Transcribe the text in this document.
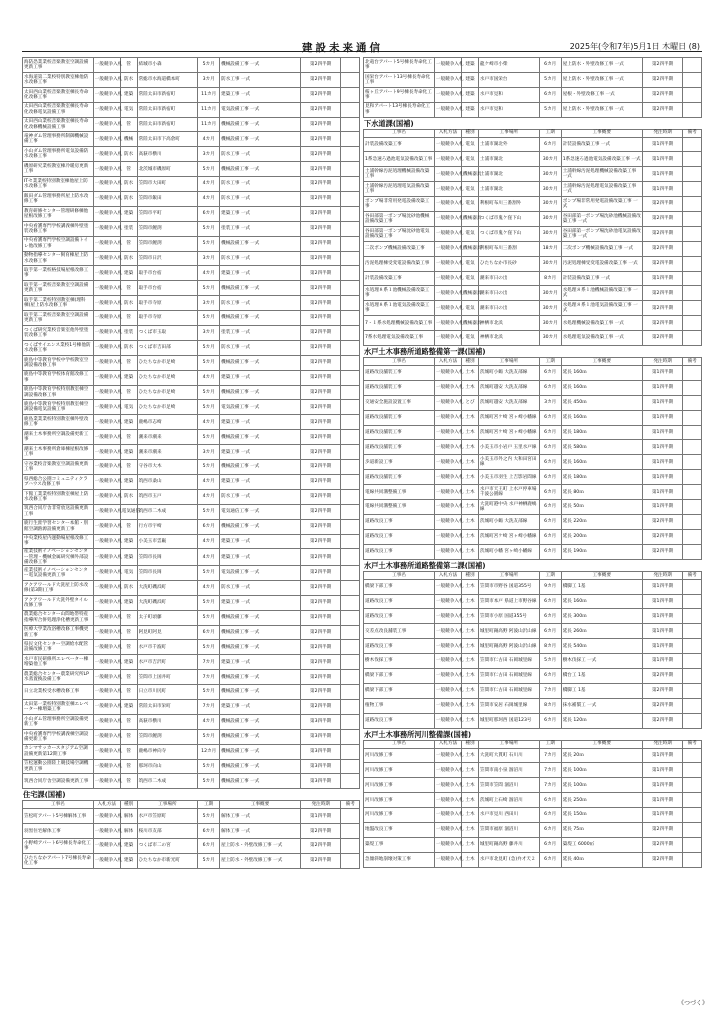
建設未来通信	2025年(令和7年)5月1日 木曜日 (8)
海防恐業業校音楽教室空調設備更新工事	一般競争入札	管	結城市小森	5カ月	機械設備工事 一式	第2四半期	
水海道第二業校特別教室棟他防水改修工事	一般競争入札	防水	常総市水海道橋本町	3カ月	防水工事 一式	第2四半期	
太田西山業校音楽教室棟長寿命化改修工事	一般競争入札	建築	常陸太田市新宿町	11カ月	建築工事 一式	第2四半期	
太田西山業校音楽教室棟長寿命化改修電気設備工事	一般競争入札	電気	常陸太田市新宿町	11カ月	電気設備工事 一式	第2四半期	
太田西山業校音楽教室棟長寿命化改修機械設備工事	一般競争入札	管	常陸太田市新宿町	11カ月	機械設備工事 一式	第2四半期	
竜神ダム管理事務所制御機械設備工事	一般競争入札	機械	常陸太田市下高倉町	4カ月	機械設備工事 一式	第2四半期	
小山ダム管理事務所電気設備防水改修工事	一般競争入札	防水	高萩市横川	3カ月	防水工事 一式	第2四半期	
磯原研究業校教室棟冷暖房更新工事	一般競争入札	管	北茨城市磯原町	5カ月	機械設備工事 一式	第2四半期	
ITセ業業校特別教室棟他屋上防水改修工事	一般競争入札	防水	笠間市大田町	4カ月	防水工事 一式	第2四半期	
飯田ダム管理事務所屋上防水改修工事	一般競争入札	防水	笠間市飯田	4カ月	防水工事 一式	第2四半期	
教育研修センター管理研修棟他屋根改修工事	一般競争入札	建築	笠間市平町	6カ月	建築工事 一式	第2四半期	
中央看護専門学校講義棟外壁塗装改修工事	一般競争入札	塗装	笠間市鯉渕	5カ月	塗装工事 一式	第2四半期	
中央看護専門学校空調設備トイレ他改修工事	一般競争入札	管	笠間市鯉渕	5カ月	機械設備工事 一式	第2四半期	
動物指導センター飼育棟屋上防水改修工事	一般競争入札	防水	笠間市日沢	3カ月	防水工事 一式	第2四半期	
取手第一業校格技場屋根改修工事	一般競争入札	建築	取手市台宿	4カ月	建築工事 一式	第2四半期	
取手第一業校音楽教室空調設備更新工事	一般競争入札	管	取手市台宿	5カ月	機械設備工事 一式	第2四半期	
取手第二業校特別教室棟(理科棟)屋上防水改修工事	一般競争入札	防水	取手市寺原	3カ月	防水工事 一式	第2四半期	
取手第二業校音楽教室空調設備更新工事	一般競争入札	管	取手市寺原	5カ月	機械設備工事 一式	第2四半期	
つくば研究業校音楽室他外壁塗装改修工事	一般競争入札	塗装	つくば市玉取	3カ月	塗装工事 一式	第2四半期	
つくばサイエンス業校1号棟他防水改修工事	一般競争入札	防水	つくば市吉田部	5カ月	防水工事 一式	第2四半期	
鹿島中等教育学校中学校教室空調設備改修工事	一般競争入札	管	ひたちなか市足崎	5カ月	機械設備工事 一式	第2四半期	
鹿島中等教育学校体育館改修工事	一般競争入札	建築	ひたちなか市足崎	4カ月	建築工事 一式	第2四半期	
鹿島中等教育学校特別教室棟空調設備改修工事	一般競争入札	管	ひたちなか市足崎	5カ月	機械設備工事 一式	第2四半期	
鹿島中等教育学校特別教室棟空調設備電気設備工事	一般競争入札	電気	ひたちなか市足崎	5カ月	電気設備工事 一式	第2四半期	
鹿島業業業校特別教室棟外壁改修工事	一般競争入札	建築	鹿嶋市志崎	4カ月	建築工事 一式	第2四半期	
潮来土木事務所空調設備更新工事	一般競争入札	管	潮来市潮来	5カ月	機械設備工事 一式	第2四半期	
潮来土木事務所倉庫棟屋根改修工事	一般競争入札	建築	潮来市潮来	3カ月	建築工事 一式	第2四半期	
守谷業校音楽教室空調設備更新工事	一般競争入札	管	守谷市大木	5カ月	機械設備工事 一式	第2四半期	
県西総合公園コミュニティクラブハウス改修工事	一般競争入札	建築	筑西市桑山	4カ月	建築工事 一式	第2四半期	
下館工業業校特別教室棟屋上防水改修工事	一般競争入札	防水	筑西市玉戸	4カ月	防水工事 一式	第2四半期	
筑西合同庁舎非常放送設備更新工事	一般競争入札	電気通信	筑西市二木成	5カ月	電気通信工事 一式	第2四半期	
鹿行生涯学習センター本館・別館空調熱源設備更新工事	一般競争入札	管	行方市宇崎	6カ月	機械設備工事 一式	第2四半期	
中央業校屋内運動場屋根改修工事	一般競争入札	建築	小美玉市雲巌	4カ月	建築工事 一式	第2四半期	
産業技術イノベーションセンター管理・機械金属研究棟外部設備改修工事	一般競争入札	建築	笠間市長岡	4カ月	建築工事 一式	第2四半期	
産業技術イノベーションセンター電気設備更新工事	一般競争入札	電気	笠間市長岡	5カ月	電気設備工事 一式	第2四半期	
アクアワールド大洗屋上防水改修(第3期)工事	一般競争入札	防水	大洗町磯浜町	4カ月	防水工事 一式	第2四半期	
アクアワールド大洗外壁タイル改修工事	一般競争入札	建築	大洗町磯浜町	5カ月	建築工事 一式	第2四半期	
農業総合センター山間地帯特産指導所合併処理浄化槽更新工事	一般競争入札	管	太子町頃藤	5カ月	機械設備工事 一式	第2四半期	
医療大学業改浴槽改修工事機更新工事	一般競争入札	管	阿見町阿見	6カ月	機械設備工事 一式	第2四半期	
県民文化センター空調給水配管設備改修工事	一般競争入札	管	水戸市千波町	5カ月	機械設備工事 一式	第2四半期	
水戸市民研修所エレベーター棟増築他工事	一般競争入札	建築	水戸市吉沢町	7カ月	建築工事 一式	第2四半期	
農業総合センター農業研究所LP水蒸置換設備工事	一般競争入札	管	笠間市上国井町	7カ月	機械設備工事 一式	第2四半期	
日立北業校受水槽改修工事	一般競争入札	管	日立市川尻町	5カ月	機械設備工事 一式	第2四半期	
太田第一業校特別教室棟エレベーター棟増築工事	一般競争入札	建築	常陸太田市栄町	7カ月	建築工事 一式	第2四半期	
小山ダム管理事務所空調設備更新工事	一般競争入札	管	高萩市横川	4カ月	機械設備工事 一式	第3四半期	
中央看護専門学校講義棟空調設備更新工事	一般競争入札	管	笠間市鯉渕	5カ月	機械設備工事 一式	第3四半期	
カシマサッカースタジアム空調設備更新第12期工事	一般競争入札	管	鹿嶋市神向寺	12カ月	機械設備工事 一式	第3四半期	
笠松運動公園陸上競技場空調機更新工事	一般競争入札	管	那珂市向山	5カ月	機械設備工事 一式	第3四半期	
筑西合同庁舎空調設備更新工事	一般競争入札	管	筑西市二木成	5カ月	機械設備工事 一式	第3四半期	
住宅課(国補)
工事名	入札方法	種別	工事場所	工期	工事概要	発注時期	備考
笠松町アパート5号棟解体工事	一般競争入札	解体	水戸市笠原町	5カ月	解体工事 一式	第1四半期	
羽黒住宅解体工事	一般競争入札	解体	桜川市友部	6カ月	解体工事 一式	第2四半期	
小野崎アパート6号棟長寿命化工事	一般競争入札	建築	つくば市二の宮	6カ月	屋上防水・外壁改修工事 一式	第2四半期	
ひたちなかアパート7号棟長寿命化工事	一般競争入札	建築	ひたちなか市新光町	5カ月	屋上防水・外壁改修工事 一式	第2四半期	
北竜台アパート5号棟長寿命化工事	一般競争入札	建築	龍ケ崎市小柴	6カ月	屋上防水・外壁改修工事 一式	第2四半期	
国栄台アパート13号棟長寿命化工事	一般競争入札	建築	水戸市国栄台	5カ月	屋上防水・外壁改修工事 一式	第2四半期	
桜ヶ丘アパート9号棟長寿命化工事	一般競争入札	建築	水戸市見和	6カ月	屋根・外壁改修工事 一式	第2四半期	
見和アパート13号棟長寿命化工事	一般競争入札	建築	水戸市見和	5カ月	屋上防水・外壁改修工事 一式	第2四半期	
下水道課(国補)
工事名	入札方法	種別	工事場所	工期	工事概要	発注時期	備考
計装設備改築工事	一般競争入札	電気	土浦市湖北外	6カ月	計装設備改築工事 一式	第1四半期	
1系急速ろ過池電気設備改築工事	一般競争入札	電気	土浦市湖北	30カ月	1系急速ろ過池電気設備改築工事 一式	第1四半期	
土浦幹線汚泥処理機械設備改築工事	一般競争入札	機械器具	土浦市湖北	30カ月	土浦幹線汚泥処理機械設備改築工事 一式	第1四半期	
土浦幹線汚泥処理電気設備改築工事	一般競争入札	電気	土浦市湖北	30カ月	土浦幹線汚泥処理電気設備改築工事 一式	第1四半期	
ポンプ場非常用発電設備改築工事	一般競争入札	電気	利根町布川三番割外	30カ月	ポンプ場非常用発電設備改築工事 一式	第2四半期	
谷田部第一ポンプ場沈砂池機械設備改築工事	一般競争入札	機械器具	つくば市鬼ケ窪下山	30カ月	谷田部第一ポンプ場沈砂池機械設備改築工事 一式	第2四半期	
谷田部第一ポンプ場沈砂池電気設備改築工事	一般競争入札	電気	つくば市鬼ケ窪下山	30カ月	谷田部第一ポンプ場沈砂池電気設備改築工事 一式	第2四半期	
二次ポンプ機械設備改築工事	一般競争入札	機械器具	利根町布川三番割	18カ月	二次ポンプ機械設備改築工事 一式	第2四半期	
汚泥処理棟受変電設備改築工事	一般競争入札	電気	ひたちなか市長砂	30カ月	汚泥処理棟受変電設備改築工事 一式	第2四半期	
計装設備改築工事	一般競争入札	電気	潮来市日の出	8カ月	計装設備改築工事 一式	第1四半期	
水処理８系１池機械設備改築工事	一般競争入札	機械器具	潮来市日の出	30カ月	水処理８系１池機械設備改築工事 一式	第2四半期	
水処理８系１池電気設備改築工事	一般競争入札	電気	潮来市日の出	30カ月	水処理８系１池電気設備改築工事 一式	第2四半期	
7・１系水処理機械設備改築工事	一般競争入札	機械器具	神栖市北浜	30カ月	水処理機械設備改築工事 一式	第2四半期	
7系水処理電気設備改築工事	一般競争入札	電気	神栖市北浜	30カ月	水処理電気設備改築工事 一式	第2四半期	
水戸土木事務所道路整備第一課(国補)
工事名	入札方法	種別	工事場所	工期	工事概要	発注時期	備考
道路改良舗装工事	一般競争入札	土木	茨城町小鶴 大洗友部線	6カ月	延長 160ｍ	第1四半期	
道路改良舗装工事	一般競争入札	土木	茨城町越安 大洗友部線	6カ月	延長 160ｍ	第1四半期	
交通安全施設設置工事	一般競争入札	とび	茨城町越安 大洗友部線	3カ月	延長 450ｍ	第1四半期	
道路改良舗装工事	一般競争入札	土木	茨城町宮ケ崎 宮ヶ崎小幡線	6カ月	延長 160ｍ	第1四半期	
道路改良舗装工事	一般競争入札	土木	茨城町宮ケ崎 宮ヶ崎小幡線	6カ月	延長 180ｍ	第1四半期	
道路改良舗装工事	一般競争入札	土木	小美玉市小岩戸 玉里水戸線	6カ月	延長 580ｍ	第1四半期	
歩道新設工事	一般競争入札	土木	小美玉市外之内 大和田宮田線	6カ月	延長 160ｍ	第1四半期	
道路改良舗装工事	一般競争入札	土木	小美玉市羽生 上吉影岩間線	6カ月	延長 180ｍ	第1四半期	
電線共同溝整備工事	一般競争入札	土木	水戸市天王町 上水戸停車場千波公園線	6カ月	延長 80ｍ	第1四半期	
電線共同溝整備工事	一般競争入札	土木	大洗町港中央 水戸神栖鹿嶋線	6カ月	延長 50ｍ	第1四半期	
道路改良工事	一般競争入札	土木	茨城町小鶴 大洗友部線	6カ月	延長 220ｍ	第2四半期	
道路改良工事	一般競争入札	土木	茨城町宮ケ崎 宮ヶ崎小幡線	6カ月	延長 200ｍ	第2四半期	
道路改良工事	一般競争入札	土木	茨城町小幡 宮ヶ崎小幡線	6カ月	延長 190ｍ	第2四半期	
水戸土木事務所道路整備第二課(国補)
工事名	入札方法	種別	工事場所	工期	工事概要	発注時期	備考
橋梁下部工事	一般競争入札	土木	笠間市市野谷 国道355号	9カ月	橋脚工 1基	第1四半期	
道路改良工事	一般競争入札	土木	笠間市本戸 県道上市野谷線	6カ月	延長 160ｍ	第1四半期	
道路改良工事	一般競争入札	土木	笠間市小原 国道355号	6カ月	延長 300ｍ	第1四半期	
交差点改良舗装工事	一般競争入札	土木	城里町錫高野 阿波山沢山線	6カ月	延長 260ｍ	第1四半期	
道路改良工事	一般競争入札	土木	城里町錫高野 阿波山沢山線	8カ月	延長 540ｍ	第1四半期	
樹木伐採工事	一般競争入札	土木	笠間市仁古田 石岡城里線	5カ月	樹木伐採工 一式	第1四半期	
橋梁下部工事	一般競争入札	土木	笠間市仁古田 石岡城里線	6カ月	橋台工 1基	第2四半期	
橋梁下部工事	一般競争入札	土木	笠間市仁古田 石岡城里線	7カ月	橋脚工 1基	第2四半期	
植物工事	一般競争入札	土木	笠間市安居 石岡城里線	8カ月	抹水補償工 一式	第2四半期	
道路改良工事	一般競争入札	土木	城里町那珂西 国道123号	6カ月	延長 120ｍ	第2四半期	
水戸土木事務所河川整備課(国補)
工事名	入札方法	種別	工事場所	工期	工事概要	発注時期	備考
河川改修工事	一般競争入札	土木	大洗町大貫町 石川川	7カ月	延長 20ｍ	第1四半期	
河川改修工事	一般競争入札	土木	笠間市南小泉 涸沼川	7カ月	延長 100ｍ	第1四半期	
河川改修工事	一般競争入札	土木	笠間市笠間 涸沼川	7カ月	延長 100ｍ	第1四半期	
河川改修工事	一般競争入札	土木	茨城町上石崎 涸沼川	6カ月	延長 250ｍ	第1四半期	
河川改修工事	一般競争入札	土木	水戸市見川 西田川	6カ月	延長 150ｍ	第1四半期	
地盤改良工事	一般競争入札	土木	笠間市福原 涸沼川	6カ月	延長 75ｍ	第2四半期	
築堤工事	一般競争入札	土木	城里町錫高野 藤井川	6カ月	築堤工 6000㎥	第2四半期	
急傾斜地崩壊対策工事	一般競争入札	土木	水戸市北見町 (急)弁才天２	6カ月	延長 40ｍ	第2四半期	
《つづく》
